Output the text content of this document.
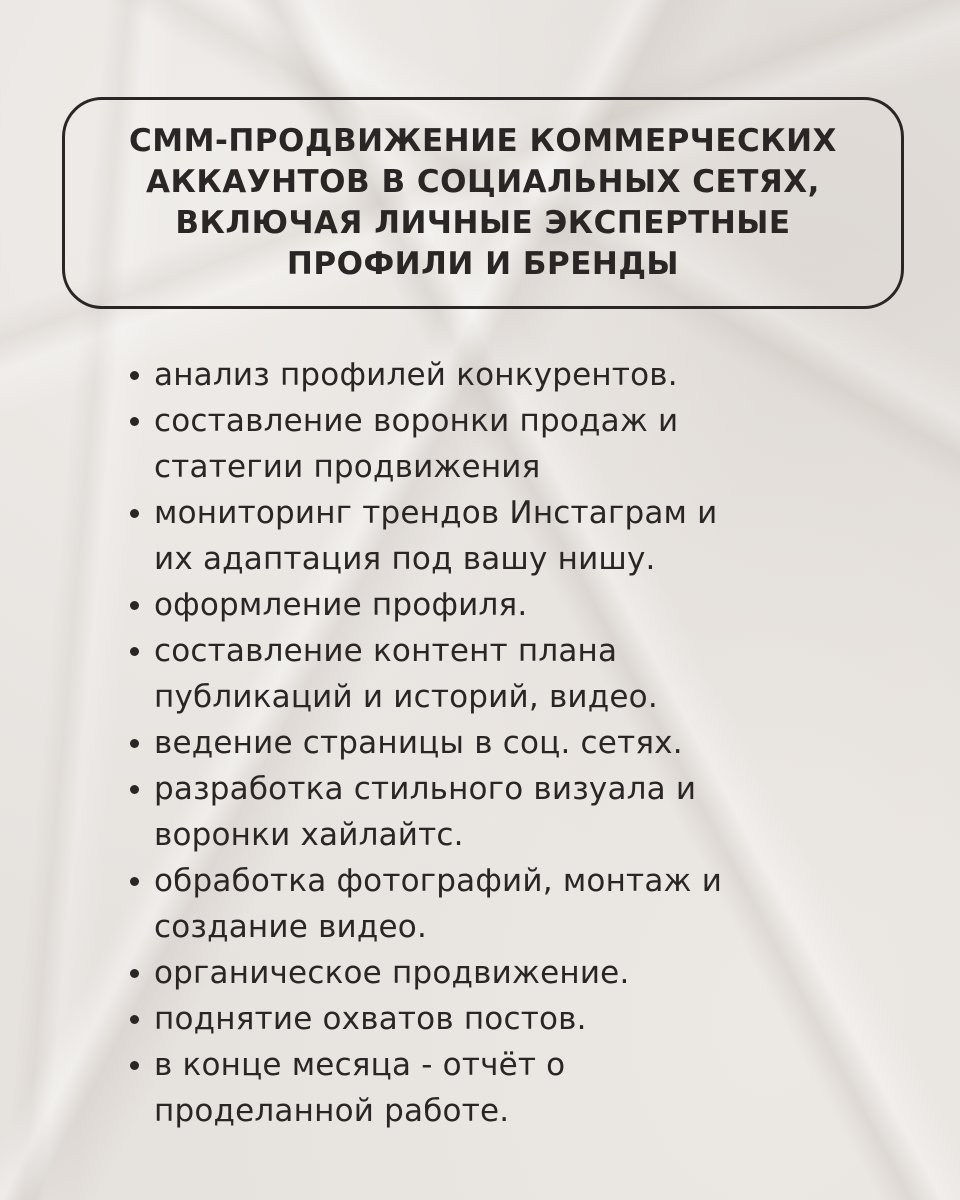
СММ-ПРОДВИЖЕНИЕ КОММЕРЧЕСКИХ
АККАУНТОВ В СОЦИАЛЬНЫХ СЕТЯХ,
ВКЛЮЧАЯ ЛИЧНЫЕ ЭКСПЕРТНЫЕ
ПРОФИЛИ И БРЕНДЫ
анализ профилей конкурентов.
составление воронки продаж и
статегии продвижения
мониторинг трендов Инстаграм и
их адаптация под вашу нишу.
оформление профиля.
составление контент плана
публикаций и историй, видео.
ведение страницы в соц. сетях.
разработка стильного визуала и
воронки хайлайтс.
обработка фотографий, монтаж и
создание видео.
органическое продвижение.
поднятие охватов постов.
в конце месяца - отчёт о
проделанной работе.
